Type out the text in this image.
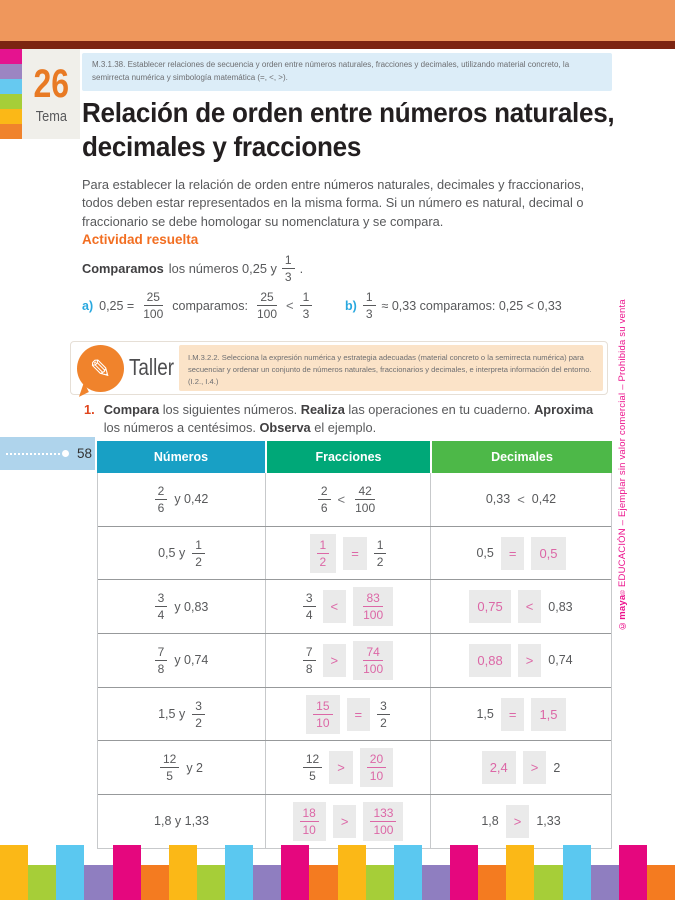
26
Tema
M.3.1.38. Establecer relaciones de secuencia y orden entre números naturales, fracciones y decimales, utilizando material concreto, la semirrecta numérica y simbología matemática (=, <, >).
Relación de orden entre números naturales,
decimales y fracciones

Para establecer la relación de orden entre números naturales, decimales y fraccionarios, todos deben estar representados en la misma forma. Si un número es natural, decimal o fraccionario se debe homologar su nomenclatura y se compara.

Actividad resuelta
Comparamos los números 0,25 y $\frac{1}{3}$ .
a) $0,25 = \frac{25}{100}$ comparamos: $\frac{25}{100} < \frac{1}{3}$	$b) \frac{1}{3} \approx 0,33$ comparamos: 0,25 < 0,33
✎ Taller	I.M.3.2.2. Selecciona la expresión numérica y estrategia adecuadas (material concreto o la semirrecta numérica) para secuenciar y ordenar un conjunto de números naturales, fraccionarios y decimales, e interpreta información del entorno. (I.2., I.4.)
1. Compara los siguientes números. Realiza las operaciones en tu cuaderno. Aproxima los números a centésimos. Observa el ejemplo.

Números	Fracciones	Decimales
$\frac{2}{6}$ y 0,42	$\frac{2}{6} < \frac{42}{100}$	0,33 < 0,42
0,5 y $\frac{1}{2}$	$\frac{1}{2}$	=	$\frac{1}{2}$	0,5	=	0,5
$\frac{3}{4}$ y 0,83	$\frac{3}{4}$	<	$\frac{83}{100}$	0,75	<	0,83
$\frac{7}{8}$ y 0,74	$\frac{7}{8}$	>	$\frac{74}{100}$	0,88	>	0,74
1,5 y $\frac{3}{2}$	$\frac{15}{10}$	=	$\frac{3}{2}$	1,5	=	1,5
$\frac{12}{5}$ y 2	$\frac{12}{5}$	>	$\frac{20}{10}$	2,4	>	2
1,8 y 1,33	$\frac{18}{10}$	>	$\frac{133}{100}$	1,8	>	1,33
58
©maya
®
EDUCACIÓN – Ejemplar sin valor comercial – Prohibida su venta
